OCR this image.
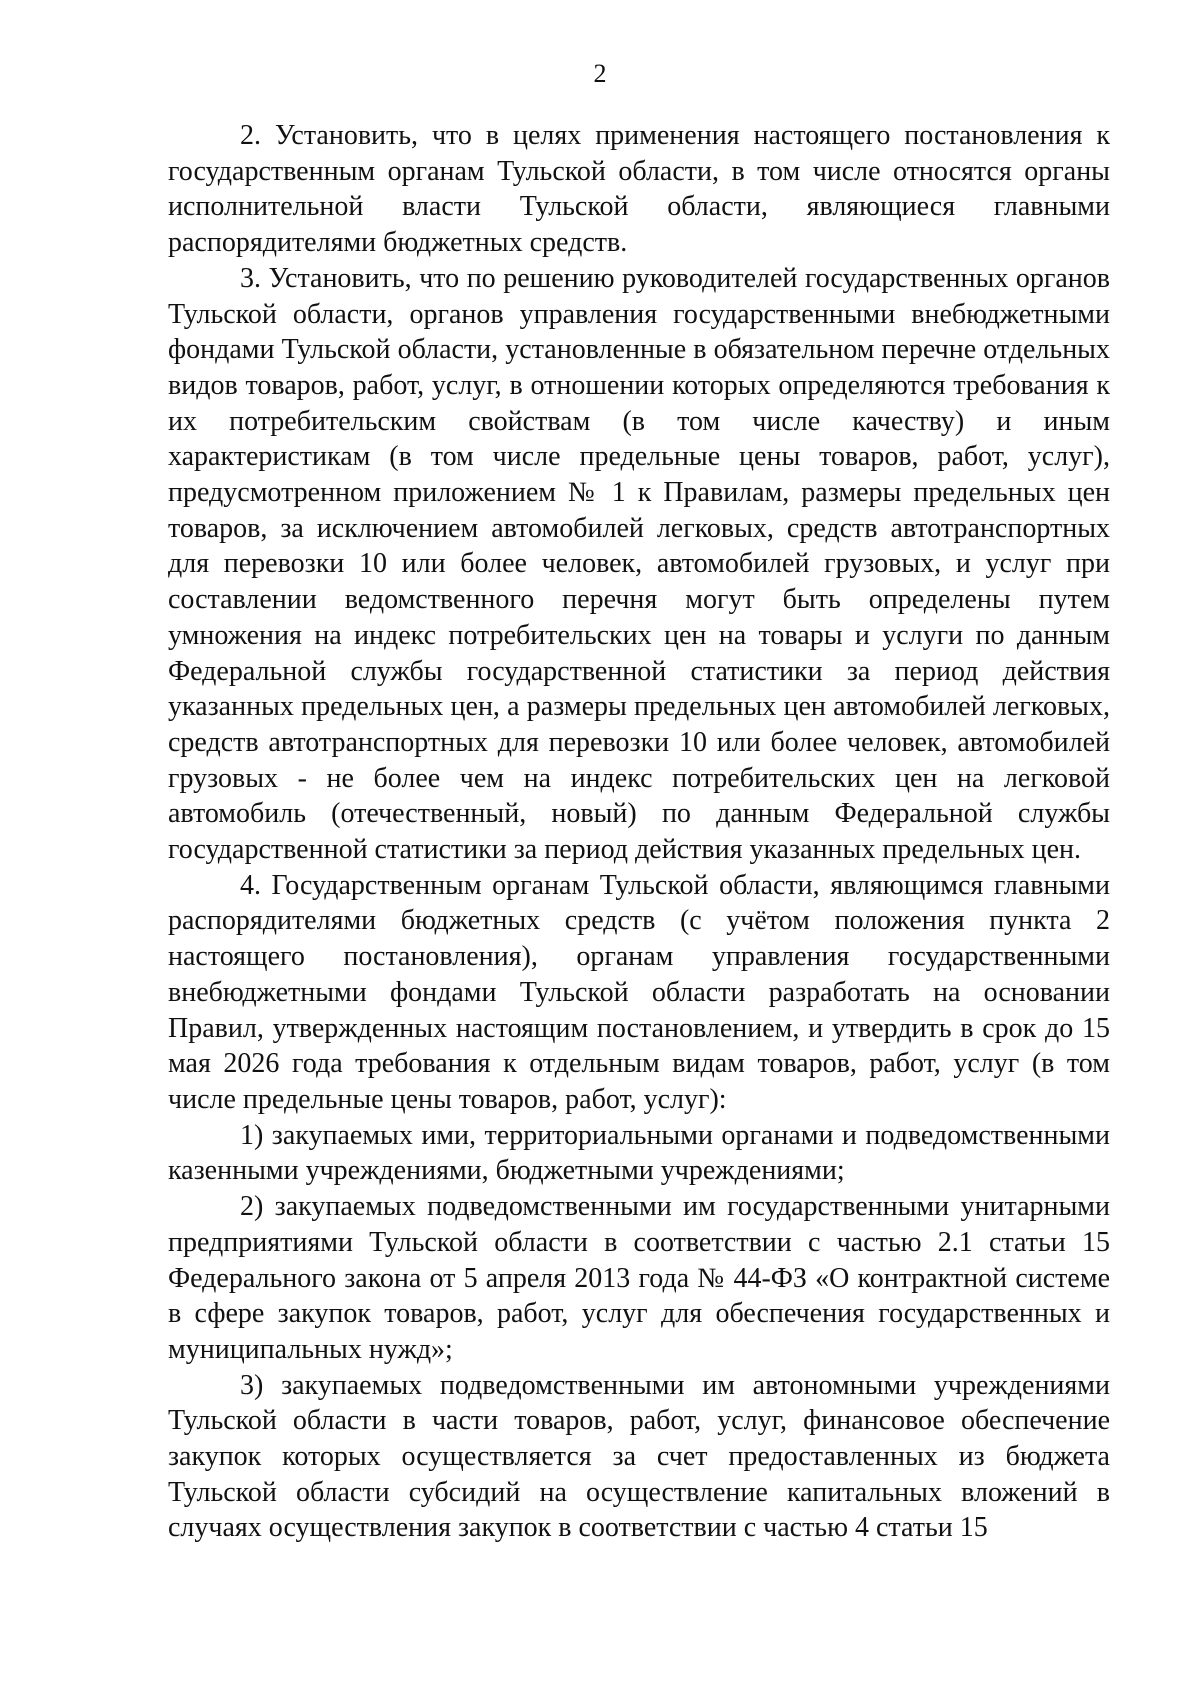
2

2. Установить, что в целях применения настоящего постановления к государственным органам Тульской области, в том числе относятся органы исполнительной власти Тульской области, являющиеся главными распорядителями бюджетных средств.

3. Установить, что по решению руководителей государственных органов Тульской области, органов управления государственными внебюджетными фондами Тульской области, установленные в обязательном перечне отдельных видов товаров, работ, услуг, в отношении которых определяются требования к их потребительским свойствам (в том числе качеству) и иным характеристикам (в том числе предельные цены товаров, работ, услуг), предусмотренном приложением № 1 к Правилам, размеры предельных цен товаров, за исключением автомобилей легковых, средств автотранспортных для перевозки 10 или более человек, автомобилей грузовых, и услуг при составлении ведомственного перечня могут быть определены путем умножения на индекс потребительских цен на товары и услуги по данным Федеральной службы государственной статистики за период действия указанных предельных цен, а размеры предельных цен автомобилей легковых, средств автотранспортных для перевозки 10 или более человек, автомобилей грузовых - не более чем на индекс потребительских цен на легковой автомобиль (отечественный, новый) по данным Федеральной службы государственной статистики за период действия указанных предельных цен.

4. Государственным органам Тульской области, являющимся главными распорядителями бюджетных средств (с учётом положения пункта 2 настоящего постановления), органам управления государственными внебюджетными фондами Тульской области разработать на основании Правил, утвержденных настоящим постановлением, и утвердить в срок до 15 мая 2026 года требования к отдельным видам товаров, работ, услуг (в том числе предельные цены товаров, работ, услуг):

1) закупаемых ими, территориальными органами и подведомственными казенными учреждениями, бюджетными учреждениями;

2) закупаемых подведомственными им государственными унитарными предприятиями Тульской области в соответствии с частью 2.1 статьи 15 Федерального закона от 5 апреля 2013 года № 44-ФЗ «О контрактной системе в сфере закупок товаров, работ, услуг для обеспечения государственных и муниципальных нужд»;

3) закупаемых подведомственными им автономными учреждениями Тульской области в части товаров, работ, услуг, финансовое обеспечение закупок которых осуществляется за счет предоставленных из бюджета Тульской области субсидий на осуществление капитальных вложений в случаях осуществления закупок в соответствии с частью 4 статьи 15
